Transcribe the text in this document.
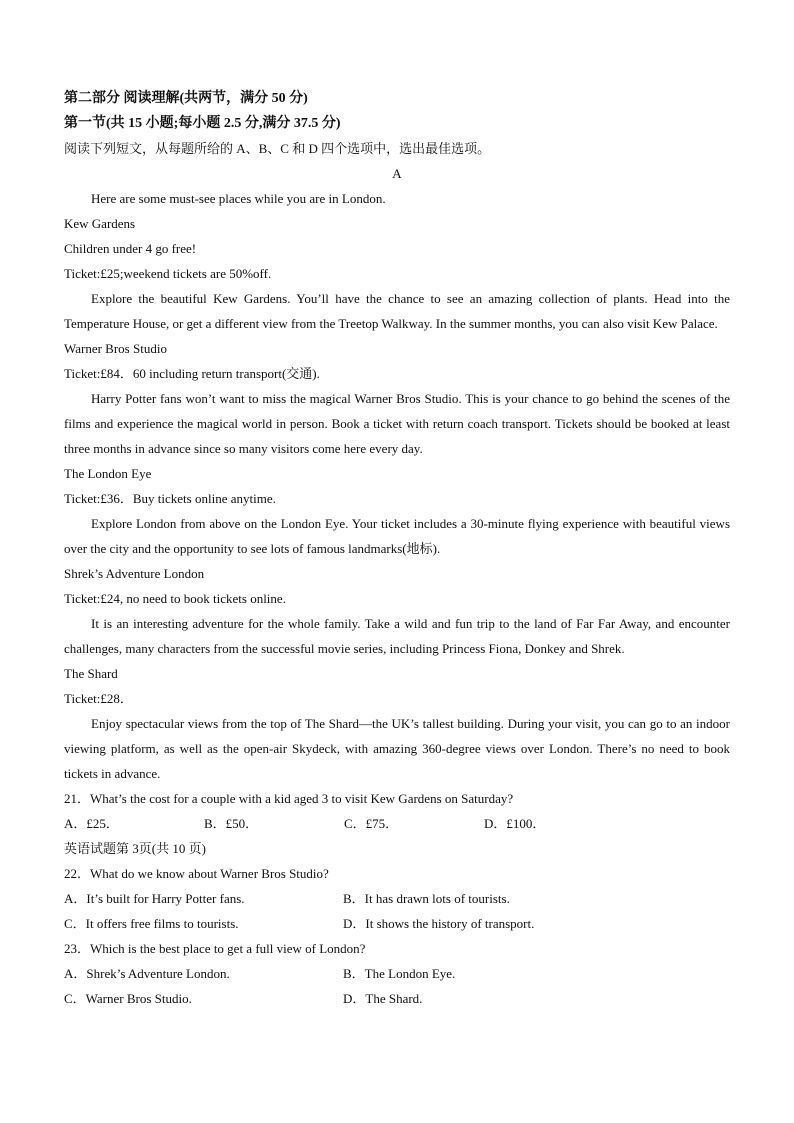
第二部分 阅读理解(共两节，满分 50 分)
第一节(共 15 小题;每小题 2.5 分,满分 37.5 分)
阅读下列短文，从每题所给的 A、B、C 和 D 四个选项中，选出最佳选项。
A
Here are some must-see places while you are in London.
Kew Gardens
Children under 4 go free!
Ticket:£25;weekend tickets are 50%off.
Explore the beautiful Kew Gardens. You’ll have the chance to see an amazing collection of plants. Head into the Temperature House, or get a different view from the Treetop Walkway. In the summer months, you can also visit Kew Palace.
Warner Bros Studio
Ticket:£84．60 including return transport(交通).
Harry Potter fans won’t want to miss the magical Warner Bros Studio. This is your chance to go behind the scenes of the films and experience the magical world in person. Book a ticket with return coach transport. Tickets should be booked at least three months in advance since so many visitors come here every day.
The London Eye
Ticket:£36．Buy tickets online anytime.
Explore London from above on the London Eye. Your ticket includes a 30-minute flying experience with beautiful views over the city and the opportunity to see lots of famous landmarks(地标).
Shrek’s Adventure London
Ticket:£24, no need to book tickets online.
It is an interesting adventure for the whole family. Take a wild and fun trip to the land of Far Far Away, and encounter challenges, many characters from the successful movie series, including Princess Fiona, Donkey and Shrek.
The Shard
Ticket:£28．
Enjoy spectacular views from the top of The Shard—the UK’s tallest building. During your visit, you can go to an indoor viewing platform, as well as the open-air Skydeck, with amazing 360-degree views over London. There’s no need to book tickets in advance.
21．What’s the cost for a couple with a kid aged 3 to visit Kew Gardens on Saturday?
A．£25．	B．£50．	C．£75．	D．£100．
英语试题第 3页(共 10 页)
22．What do we know about Warner Bros Studio?
A．It’s built for Harry Potter fans.	B．It has drawn lots of tourists.
C．It offers free films to tourists.	D．It shows the history of transport.
23．Which is the best place to get a full view of London?
A．Shrek’s Adventure London.	B．The London Eye.
C．Warner Bros Studio.	D．The Shard.
